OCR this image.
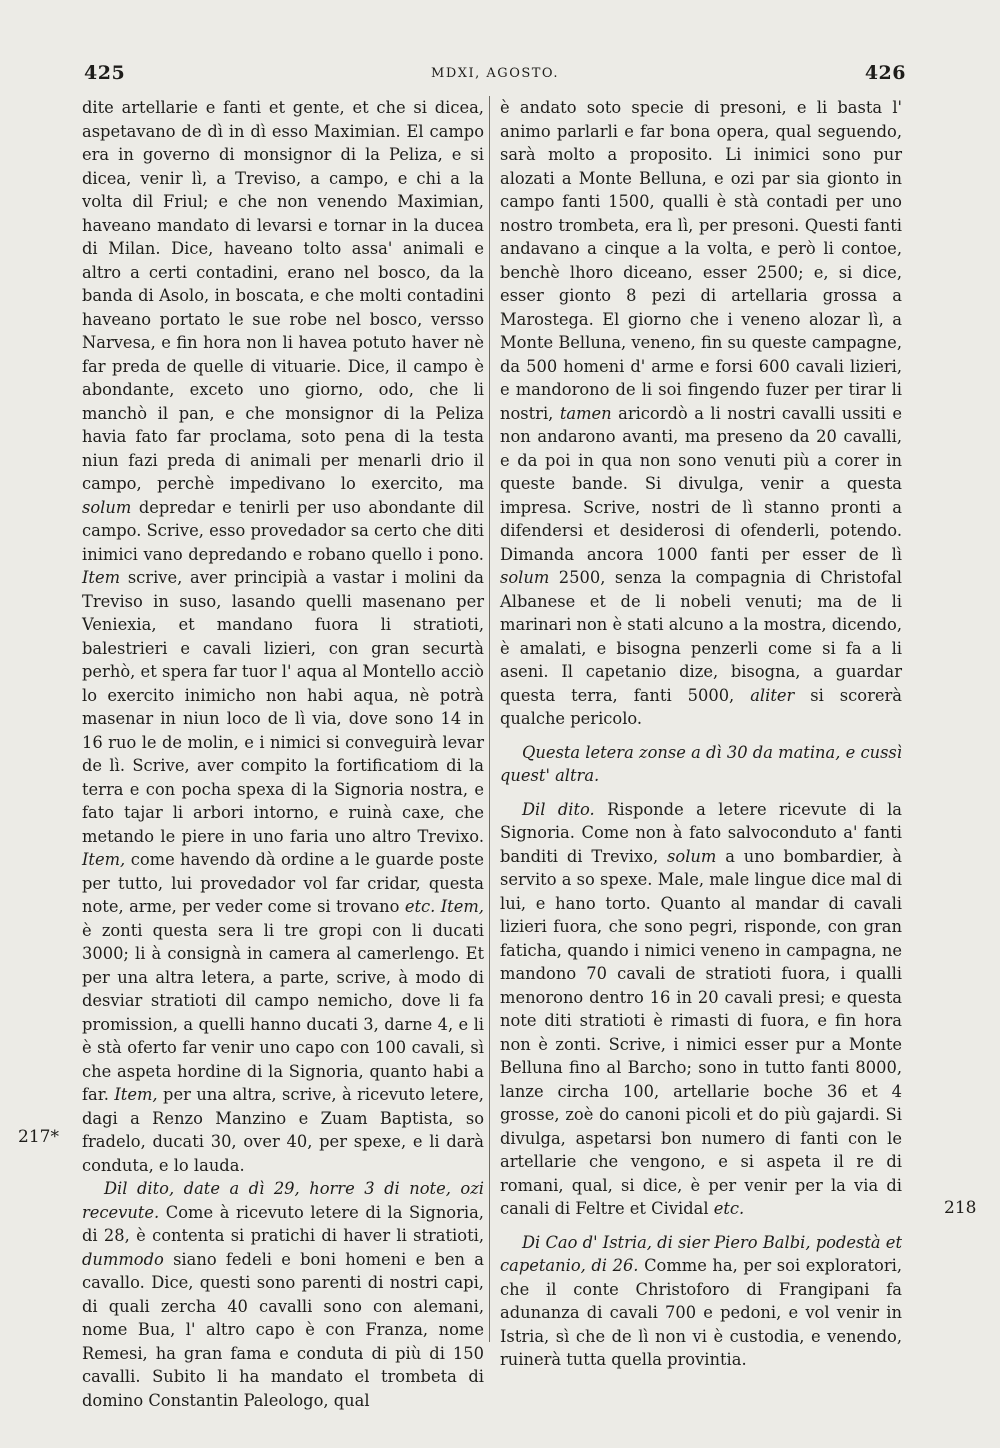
425	MDXI, AGOSTO.	426
217*
218

dite artellarie e fanti et gente, et che si dicea, aspetavano de dì in dì esso Maximian. El campo era in governo di monsignor di la Peliza, e si dicea, venir lì, a Treviso, a campo, e chi a la volta dil Friul; e che non venendo Maximian, haveano mandato di levarsi e tornar in la ducea di Milan. Dice, haveano tolto assa' animali e altro a certi contadini, erano nel bosco, da la banda di Asolo, in boscata, e che molti contadini haveano portato le sue robe nel bosco, versso Narvesa, e fin hora non li havea potuto haver nè far preda de quelle di vituarie. Dice, il campo è abondante, exceto uno giorno, odo, che li manchò il pan, e che monsignor di la Peliza havia fato far proclama, soto pena di la testa niun fazi preda di animali per menarli drio il campo, perchè impedivano lo exercito, ma solum depredar e tenirli per uso abondante dil campo. Scrive, esso provedador sa certo che diti inimici vano depredando e robano quello i pono. Item scrive, aver principià a vastar i molini da Treviso in suso, lasando quelli masenano per Veniexia, et mandano fuora li stratioti, balestrieri e cavali lizieri, con gran securtà perhò, et spera far tuor l' aqua al Montello acciò lo exercito inimicho non habi aqua, nè potrà masenar in niun loco de lì via, dove sono 14 in 16 ruo le de molin, e i nimici si conveguirà levar de lì. Scrive, aver compito la fortificatiom di la terra e con pocha spexa di la Signoria nostra, e fato tajar li arbori intorno, e ruinà caxe, che metando le piere in uno faria uno altro Trevixo. Item, come havendo dà ordine a le guarde poste per tutto, lui provedador vol far cridar, questa note, arme, per veder come si trovano etc. Item, è zonti questa sera li tre gropi con li ducati 3000; li à consignà in camera al camerlengo. Et per una altra letera, a parte, scrive, à modo di desviar stratioti dil campo nemicho, dove li fa promission, a quelli hanno ducati 3, darne 4, e li è stà oferto far venir uno capo con 100 cavali, sì che aspeta hordine di la Signoria, quanto habi a far. Item, per una altra, scrive, à ricevuto letere, dagi a Renzo Manzino e Zuam Baptista, so fradelo, ducati 30, over 40, per spexe, e li darà conduta, e lo lauda.

Dil dito, date a dì 29, horre 3 di note, ozi recevute. Come à ricevuto letere di la Signoria, di 28, è contenta si pratichi di haver li stratioti, dummodo siano fedeli e boni homeni e ben a cavallo. Dice, questi sono parenti di nostri capi, di quali zercha 40 cavalli sono con alemani, nome Bua, l' altro capo è con Franza, nome Remesi, ha gran fama e conduta di più di 150 cavalli. Subito li ha mandato el trombeta di domino Constantin Paleologo, qual

è andato soto specie di presoni, e li basta l' animo parlarli e far bona opera, qual seguendo, sarà molto a proposito. Li inimici sono pur alozati a Monte Belluna, e ozi par sia gionto in campo fanti 1500, qualli è stà contadi per uno nostro trombeta, era lì, per presoni. Questi fanti andavano a cinque a la volta, e però li contoe, benchè lhoro diceano, esser 2500; e, si dice, esser gionto 8 pezi di artellaria grossa a Marostega. El giorno che i veneno alozar lì, a Monte Belluna, veneno, fin su queste campagne, da 500 homeni d' arme e forsi 600 cavali lizieri, e mandorono de li soi fingendo fuzer per tirar li nostri, tamen aricordò a li nostri cavalli ussiti e non andarono avanti, ma preseno da 20 cavalli, e da poi in qua non sono venuti più a corer in queste bande. Si divulga, venir a questa impresa. Scrive, nostri de lì stanno pronti a difendersi et desiderosi di ofenderli, potendo. Dimanda ancora 1000 fanti per esser de lì solum 2500, senza la compagnia di Christofal Albanese et de li nobeli venuti; ma de li marinari non è stati alcuno a la mostra, dicendo, è amalati, e bisogna penzerli come si fa a li aseni. Il capetanio dize, bisogna, a guardar questa terra, fanti 5000, aliter si scorerà qualche pericolo.

Questa letera zonse a dì 30 da matina, e cussì quest' altra.

Dil dito. Risponde a letere ricevute di la Signoria. Come non à fato salvoconduto a' fanti banditi di Trevixo, solum a uno bombardier, à servito a so spexe. Male, male lingue dice mal di lui, e hano torto. Quanto al mandar di cavali lizieri fuora, che sono pegri, risponde, con gran faticha, quando i nimici veneno in campagna, ne mandono 70 cavali de stratioti fuora, i qualli menorono dentro 16 in 20 cavali presi; e questa note diti stratioti è rimasti di fuora, e fin hora non è zonti. Scrive, i nimici esser pur a Monte Belluna fino al Barcho; sono in tutto fanti 8000, lanze circha 100, artellarie boche 36 et 4 grosse, zoè do canoni picoli et do più gajardi. Si divulga, aspetarsi bon numero di fanti con le artellarie che vengono, e si aspeta il re di romani, qual, si dice, è per venir per la via di canali di Feltre et Cividal etc.

Di Cao d' Istria, di sier Piero Balbi, podestà et capetanio, di 26. Comme ha, per soi exploratori, che il conte Christoforo di Frangipani fa adunanza di cavali 700 e pedoni, e vol venir in Istria, sì che de lì non vi è custodia, e venendo, ruinerà tutta quella provintia.
